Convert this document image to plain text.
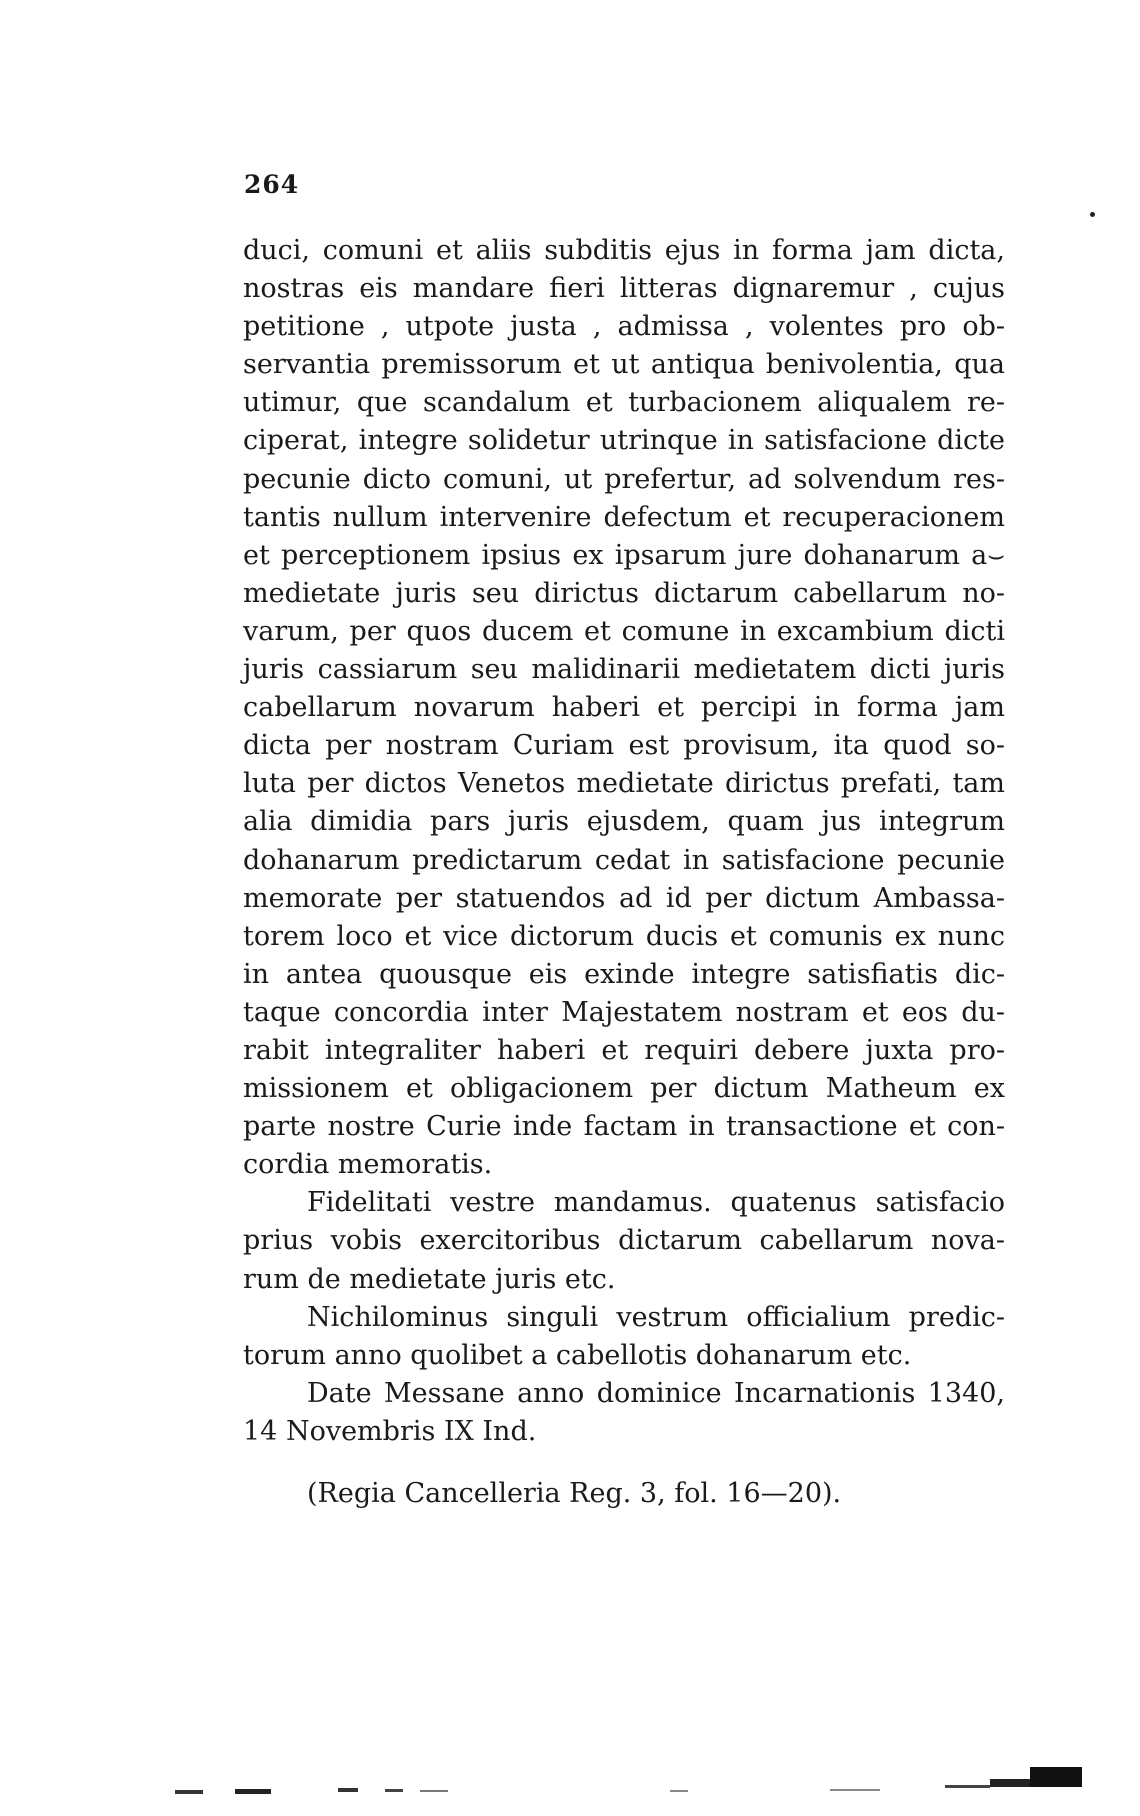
264
duci, comuni et aliis subditis ejus in forma jam dicta,
nostras eis mandare fieri litteras dignaremur , cujus
petitione , utpote justa , admissa , volentes pro ob-
servantia premissorum et ut antiqua benivolentia, qua
utimur, que scandalum et turbacionem aliqualem re-
ciperat, integre solidetur utrinque in satisfacione dicte
pecunie dicto comuni, ut prefertur, ad solvendum res-
tantis nullum intervenire defectum et recuperacionem
et perceptionem ipsius ex ipsarum jure dohanarum a⌣
medietate juris seu dirictus dictarum cabellarum no-
varum, per quos ducem et comune in excambium dicti
juris cassiarum seu malidinarii medietatem dicti juris
cabellarum novarum haberi et percipi in forma jam
dicta per nostram Curiam est provisum, ita quod so-
luta per dictos Venetos medietate dirictus prefati, tam
alia dimidia pars juris ejusdem, quam jus integrum
dohanarum predictarum cedat in satisfacione pecunie
memorate per statuendos ad id per dictum Ambassa-
torem loco et vice dictorum ducis et comunis ex nunc
in antea quousque eis exinde integre satisfiatis dic-
taque concordia inter Majestatem nostram et eos du-
rabit integraliter haberi et requiri debere juxta pro-
missionem et obligacionem per dictum Matheum ex
parte nostre Curie inde factam in transactione et con-
cordia memoratis.
Fidelitati vestre mandamus. quatenus satisfacio
prius vobis exercitoribus dictarum cabellarum nova-
rum de medietate juris etc.
Nichilominus singuli vestrum officialium predic-
torum anno quolibet a cabellotis dohanarum etc.
Date Messane anno dominice Incarnationis 1340,
14 Novembris IX Ind.
(Regia Cancelleria Reg. 3, fol. 16—20).
